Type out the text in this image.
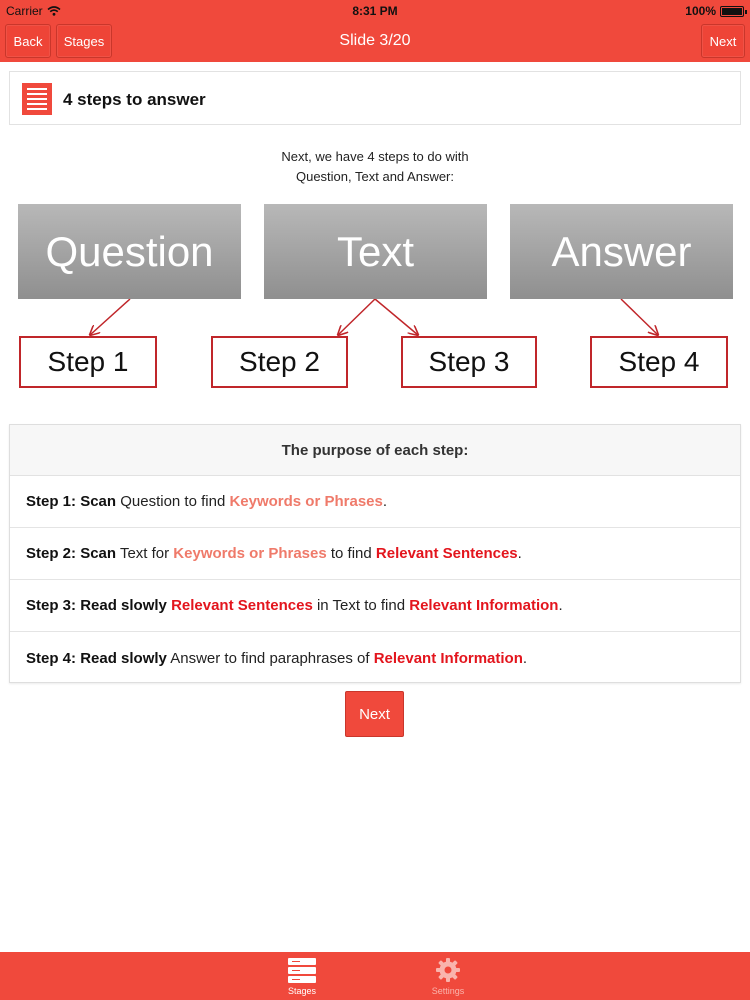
Carrier	8:31 PM	100%
Back	Stages	Slide 3/20	Next
4 steps to answer
Next, we have 4 steps to do with
Question, Text and Answer:
Question	Text	Answer
Step 1	Step 2	Step 3	Step 4
The purpose of each step:
Step 1:
Scan Question to find Keywords or Phrases .
Step 2:
Scan Text for Keywords or Phrases to find Relevant Sentences .
Step 3:
Read slowly
Relevant Sentences in Text to find Relevant Information .
Step 4:
Read slowly Answer to find paraphrases of Relevant Information .
Next
Stages	Settings
